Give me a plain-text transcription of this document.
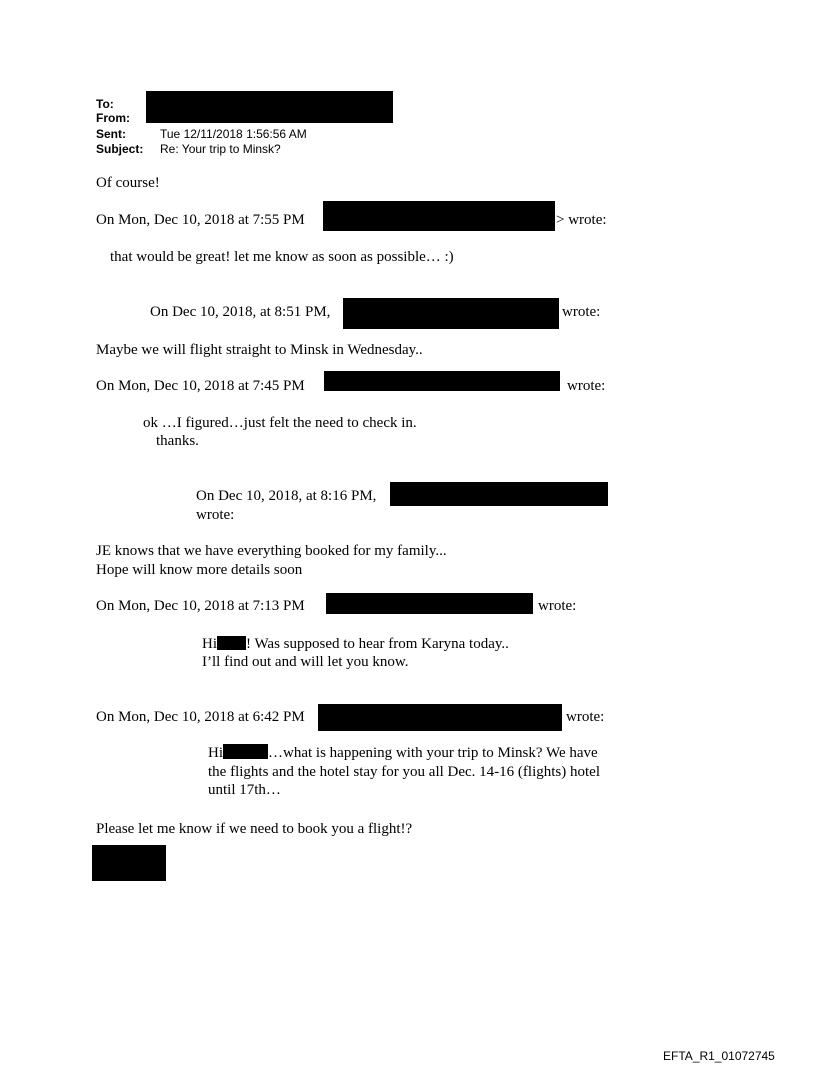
To:
From:
Sent:	Tue 12/11/2018 1:56:56 AM
Subject: Re: Your trip to Minsk?
Of course!
On Mon, Dec 10, 2018 at 7:55 PM	> wrote:
that would be great! let me know as soon as possible… :)
On Dec 10, 2018, at 8:51 PM,	wrote:
Maybe we will flight straight to Minsk in Wednesday..
On Mon, Dec 10, 2018 at 7:45 PM	wrote:
ok …I figured…just felt the need to check in.
thanks.
On Dec 10, 2018, at 8:16 PM,
wrote:
JE knows that we have everything booked for my family...
Hope will know more details soon
On Mon, Dec 10, 2018 at 7:13 PM	wrote:
Hi ! Was supposed to hear from Karyna today..
I’ll find out and will let you know.
On Mon, Dec 10, 2018 at 6:42 PM	wrote:
Hi	…what is happening with your trip to Minsk? We have
the flights and the hotel stay for you all Dec. 14-16 (flights) hotel
until 17th…
Please let me know if we need to book you a flight!?
EFTA_R1_01072745
